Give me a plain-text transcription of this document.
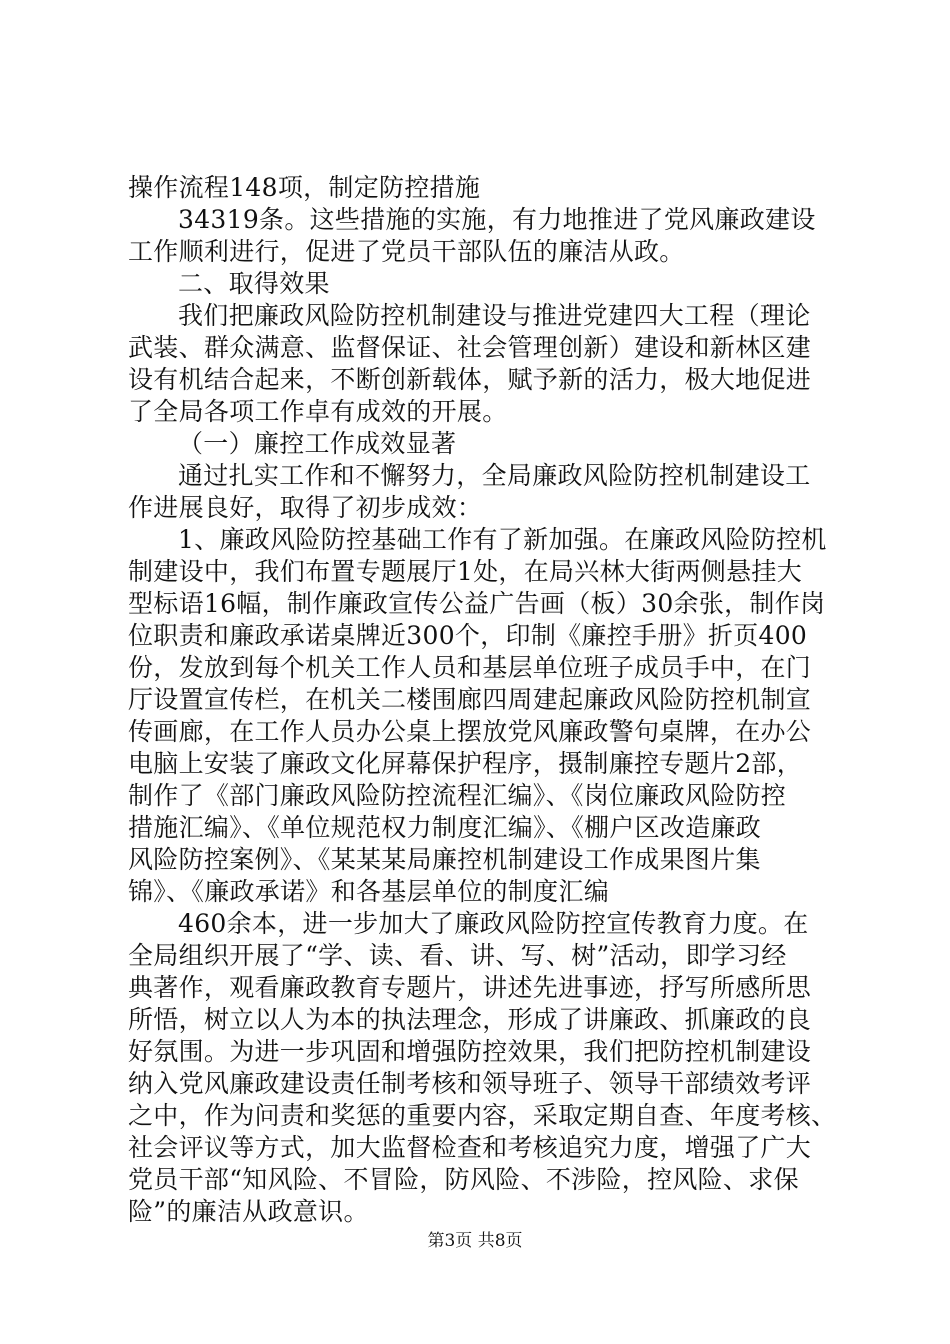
操作流程148项，制定防控措施
34319条。这些措施的实施，有力地推进了党风廉政建设
工作顺利进行，促进了党员干部队伍的廉洁从政。
二、取得效果
我们把廉政风险防控机制建设与推进党建四大工程（理论
武装、群众满意、监督保证、社会管理创新）建设和新林区建
设有机结合起来，不断创新载体，赋予新的活力，极大地促进
了全局各项工作卓有成效的开展。
（一）廉控工作成效显著
通过扎实工作和不懈努力，全局廉政风险防控机制建设工
作进展良好，取得了初步成效：
1、廉政风险防控基础工作有了新加强。在廉政风险防控机
制建设中，我们布置专题展厅1处，在局兴林大街两侧悬挂大
型标语16幅，制作廉政宣传公益广告画（板）30余张，制作岗
位职责和廉政承诺桌牌近300个，印制《廉控手册》折页400
份，发放到每个机关工作人员和基层单位班子成员手中，在门
厅设置宣传栏，在机关二楼围廊四周建起廉政风险防控机制宣
传画廊，在工作人员办公桌上摆放党风廉政警句桌牌，在办公
电脑上安装了廉政文化屏幕保护程序，摄制廉控专题片2部，
制作了《部门廉政风险防控流程汇编》、《岗位廉政风险防控
措施汇编》、《单位规范权力制度汇编》、《棚户区改造廉政
风险防控案例》、《某某某局廉控机制建设工作成果图片集
锦》、《廉政承诺》和各基层单位的制度汇编
460余本，进一步加大了廉政风险防控宣传教育力度。在
全局组织开展了“学、读、看、讲、写、树”活动，即学习经
典著作，观看廉政教育专题片，讲述先进事迹，抒写所感所思
所悟，树立以人为本的执法理念，形成了讲廉政、抓廉政的良
好氛围。为进一步巩固和增强防控效果，我们把防控机制建设
纳入党风廉政建设责任制考核和领导班子、领导干部绩效考评
之中，作为问责和奖惩的重要内容，采取定期自查、年度考核、
社会评议等方式，加大监督检查和考核追究力度，增强了广大
党员干部“知风险、不冒险，防风险、不涉险，控风险、求保
险”的廉洁从政意识。
第3页 共8页
